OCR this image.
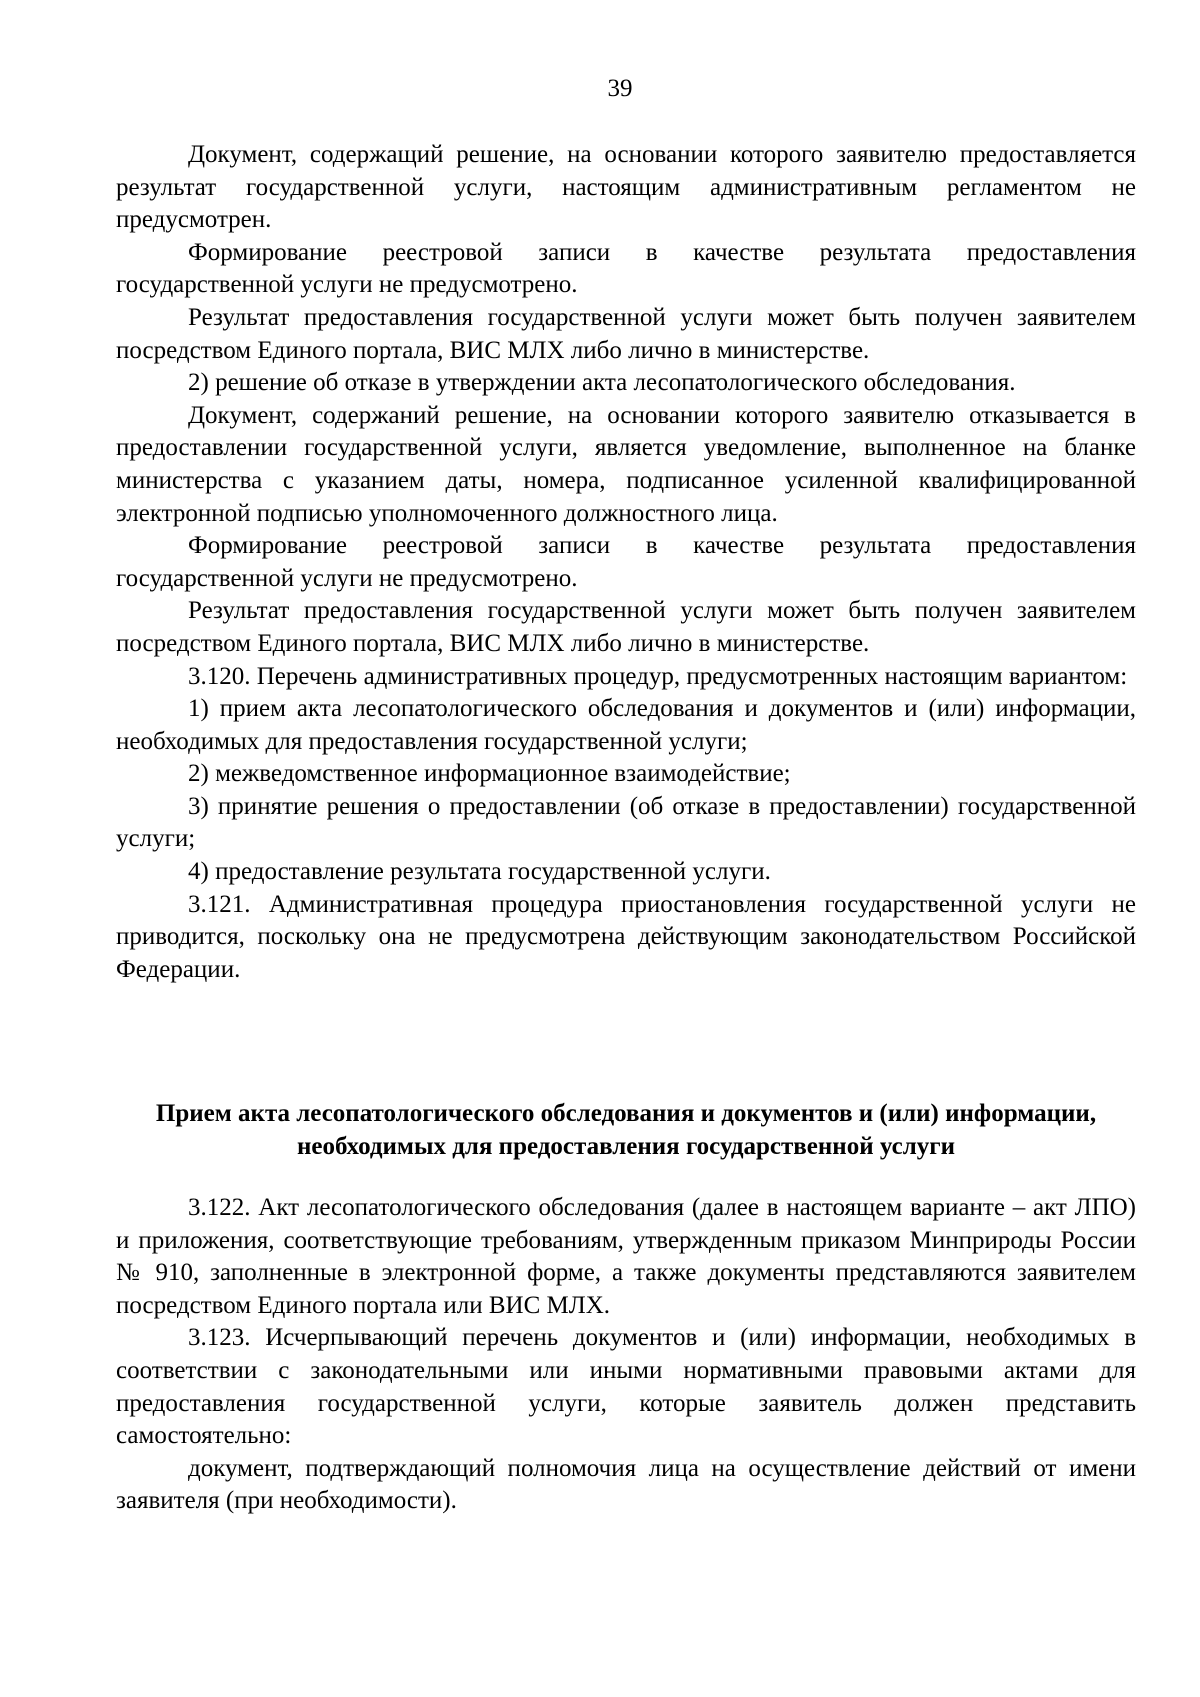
39

Документ, содержащий решение, на основании которого заявителю предоставляется результат государственной услуги, настоящим административным регламентом не предусмотрен.

Формирование реестровой записи в качестве результата предоставления государственной услуги не предусмотрено.

Результат предоставления государственной услуги может быть получен заявителем посредством Единого портала, ВИС МЛХ либо лично в министерстве.

2) решение об отказе в утверждении акта лесопатологического обследования.

Документ, содержаний решение, на основании которого заявителю отказывается в предоставлении государственной услуги, является уведомление, выполненное на бланке министерства с указанием даты, номера, подписанное усиленной квалифицированной электронной подписью уполномоченного должностного лица.

Формирование реестровой записи в качестве результата предоставления государственной услуги не предусмотрено.

Результат предоставления государственной услуги может быть получен заявителем посредством Единого портала, ВИС МЛХ либо лично в министерстве.

3.120. Перечень административных процедур, предусмотренных настоящим вариантом:

1) прием акта лесопатологического обследования и документов и (или) информации, необходимых для предоставления государственной услуги;

2) межведомственное информационное взаимодействие;

3) принятие решения о предоставлении (об отказе в предоставлении) государственной услуги;

4) предоставление результата государственной услуги.

3.121. Административная процедура приостановления государственной услуги не приводится, поскольку она не предусмотрена действующим законодательством Российской Федерации.

Прием акта лесопатологического обследования и документов и (или) информации, необходимых для предоставления государственной услуги

3.122. Акт лесопатологического обследования (далее в настоящем варианте – акт ЛПО) и приложения, соответствующие требованиям, утвержденным приказом Минприроды России № 910, заполненные в электронной форме, а также документы представляются заявителем посредством Единого портала или ВИС МЛХ.

3.123. Исчерпывающий перечень документов и (или) информации, необходимых в соответствии с законодательными или иными нормативными правовыми актами для предоставления государственной услуги, которые заявитель должен представить самостоятельно:

документ, подтверждающий полномочия лица на осуществление действий от имени заявителя (при необходимости).
